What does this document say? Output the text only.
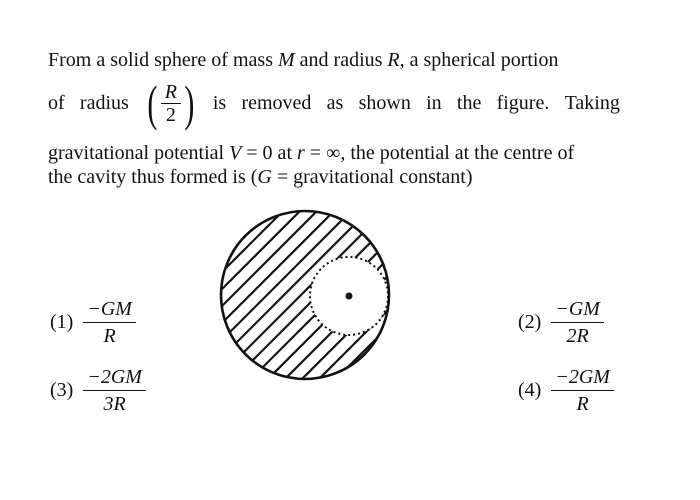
From a solid sphere of mass M and radius R, a spherical portion
of radius ( $\frac{R}{2}$ ) is removed as shown in the figure. Taking
gravitational potential V = 0 at r = ∞, the potential at the centre of
the cavity thus formed is (G = gravitational constant)
(1)
−GM
R
(2)
−GM
2R
(3)
−2GM
3R
(4)
−2GM
R
